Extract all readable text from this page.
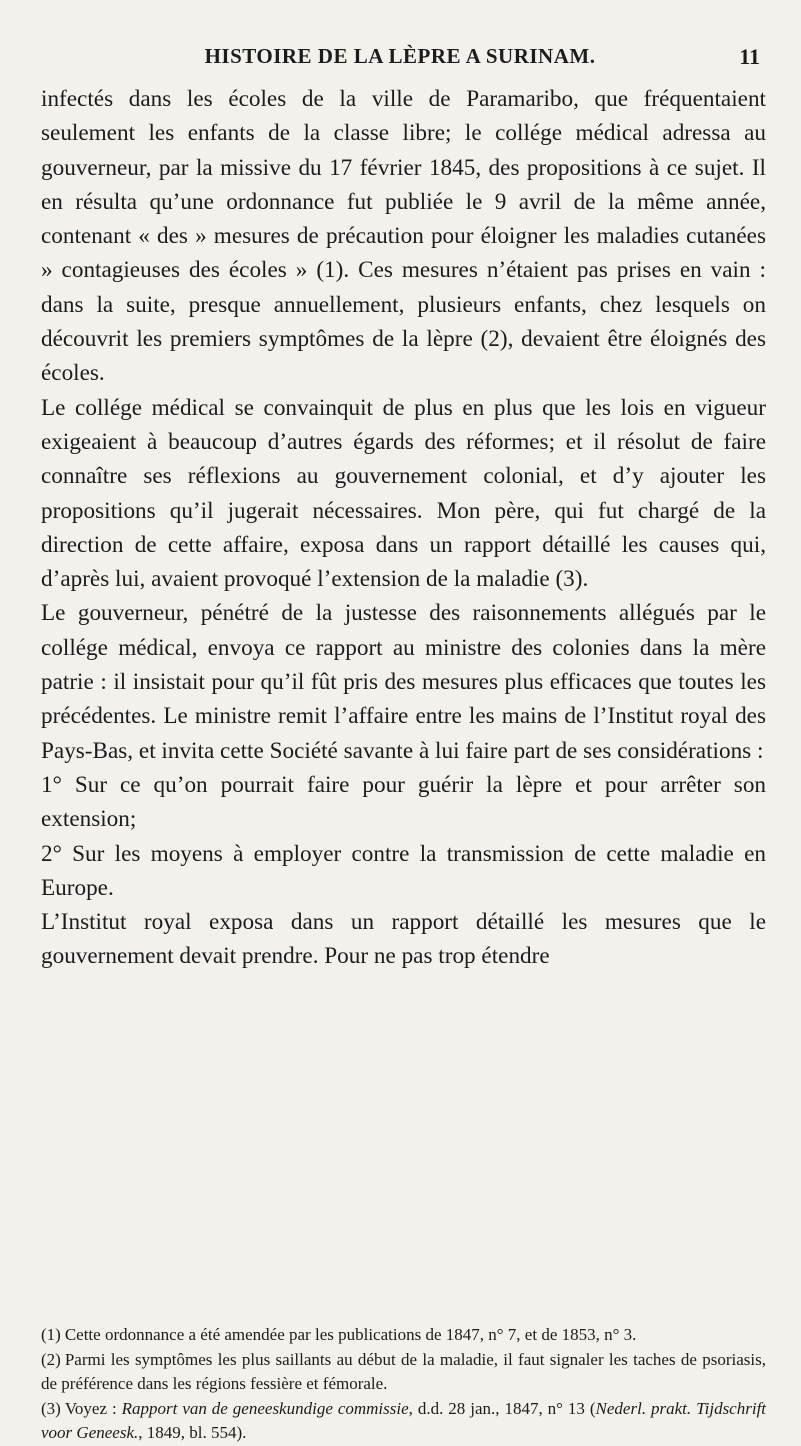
HISTOIRE DE LA LÈPRE A SURINAM.	11

infectés dans les écoles de la ville de Paramaribo, que fréquentaient seulement les enfants de la classe libre; le collége médical adressa au gouverneur, par la missive du 17 février 1845, des propositions à ce sujet. Il en résulta qu’une ordonnance fut publiée le 9 avril de la même année, contenant « des » mesures de précaution pour éloigner les maladies cutanées » contagieuses des écoles » (1). Ces mesures n’étaient pas prises en vain : dans la suite, presque annuellement, plusieurs enfants, chez lesquels on découvrit les premiers symptômes de la lèpre (2), devaient être éloignés des écoles.

Le collége médical se convainquit de plus en plus que les lois en vigueur exigeaient à beaucoup d’autres égards des réformes; et il résolut de faire connaître ses réflexions au gouvernement colonial, et d’y ajouter les propositions qu’il jugerait nécessaires. Mon père, qui fut chargé de la direction de cette affaire, exposa dans un rapport détaillé les causes qui, d’après lui, avaient provoqué l’extension de la maladie (3).

Le gouverneur, pénétré de la justesse des raisonnements allégués par le collége médical, envoya ce rapport au ministre des colonies dans la mère patrie : il insistait pour qu’il fût pris des mesures plus efficaces que toutes les précédentes. Le ministre remit l’affaire entre les mains de l’Institut royal des Pays-Bas, et invita cette Société savante à lui faire part de ses considérations :

1° Sur ce qu’on pourrait faire pour guérir la lèpre et pour arrêter son extension;

2° Sur les moyens à employer contre la transmission de cette maladie en Europe.

L’Institut royal exposa dans un rapport détaillé les mesures que le gouvernement devait prendre. Pour ne pas trop étendre

(1) Cette ordonnance a été amendée par les publications de 1847, n° 7, et de 1853, n° 3.

(2) Parmi les symptômes les plus saillants au début de la maladie, il faut signaler les taches de psoriasis, de préférence dans les régions fessière et fémorale.

(3) Voyez : Rapport van de geneeskundige commissie, d.d. 28 jan., 1847, n° 13 (Nederl. prakt. Tijdschrift voor Geneesk., 1849, bl. 554).
